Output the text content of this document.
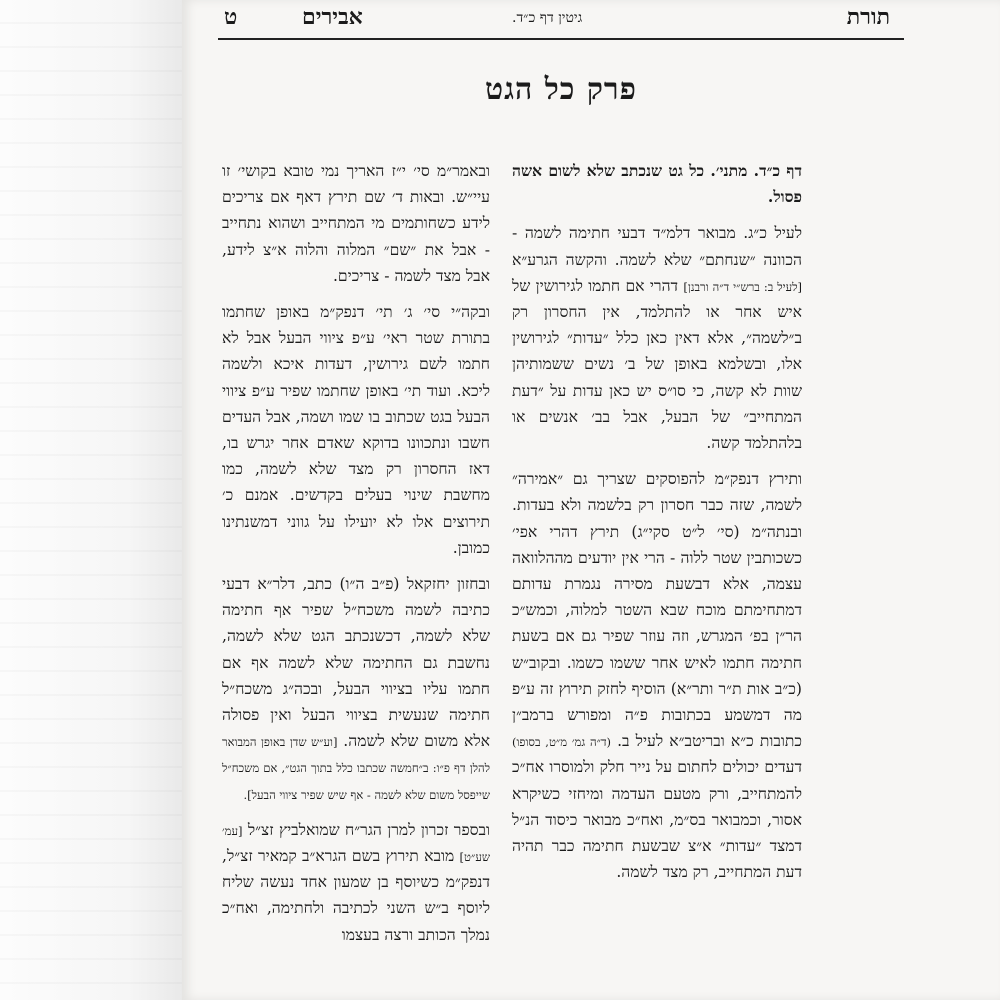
תורת
גיטין דף כ״ד.
אבירים
ט
פרק כל הגט

דף כ״ד. מתני׳. כל גט שנכתב שלא לשום אשה פסול.

לעיל כ״ג. מבואר דלמ״ד דבעי חתימה לשמה - הכוונה ״שנחתם״ שלא לשמה. והקשה הגרע״א [לעיל ב: ברש״י ד״ה ורבנן] דהרי אם חתמו לגירושין של איש אחר או להתלמד, אין החסרון רק ב״לשמה״, אלא דאין כאן כלל ״עדות״ לגירושין אלו, ובשלמא באופן של ב׳ נשים ששמותיהן שוות לא קשה, כי סו״ס יש כאן עדות על ״דעת המתחייב״ של הבעל, אבל בב׳ אנשים או בלהתלמד קשה.

ותירץ דנפק״מ להפוסקים שצריך גם ״אמירה״ לשמה, שזה כבר חסרון רק בלשמה ולא בעדות. ובנתה״מ (סי׳ ל״ט סקי״ג) תירץ דהרי אפי׳ כשכותבין שטר ללוה - הרי אין יודעים מההלוואה עצמה, אלא דבשעת מסירה נגמרת עדותם דמתחימתם מוכח שבא השטר למלוה, וכמש״כ הר״ן בפ׳ המגרש, וזה עוזר שפיר גם אם בשעת חתימה חתמו לאיש אחר ששמו כשמו. ובקוב״ש (כ״ב אות ת״ר ותר״א) הוסיף לחזק תירוץ זה ע״פ מה דמשמע בכתובות פ״ה ומפורש ברמב״ן כתובות כ״א ובריטב״א לעיל ב. (ד״ה גמ׳ מ״ט, בסופו) דעדים יכולים לחתום על נייר חלק ולמוסרו אח״כ להמתחייב, ורק מטעם העדמה ומיחזי כשיקרא אסור, וכמבואר בס״מ, ואח״כ מבואר כיסוד הנ״ל דמצד ״עדות״ א״צ שבשעת חתימה כבר תהיה דעת המתחייב, רק מצד לשמה.

ובאמר״מ סי׳ י״ז האריך נמי טובא בקושי׳ זו עיי״ש. ובאות ד׳ שם תירץ דאף אם צריכים לידע כשחותמים מי המתחייב ושהוא נתחייב - אבל את ״שם״ המלוה והלוה א״צ לידע, אבל מצד לשמה - צריכים.

ובקה״י סי׳ ג׳ תי׳ דנפק״מ באופן שחתמו בתורת שטר ראי׳ ע״פ ציווי הבעל אבל לא חתמו לשם גירושין, דעדות איכא ולשמה ליכא. ועוד תי׳ באופן שחתמו שפיר ע״פ ציווי הבעל בגט שכתוב בו שמו ושמה, אבל העדים חשבו ונתכוונו בדוקא שאדם אחר יגרש בו, דאז החסרון רק מצד שלא לשמה, כמו מחשבת שינוי בעלים בקדשים. אמנם כ׳ תירוצים אלו לא יועילו על גווני דמשנתינו כמובן.

ובחזון יחזקאל (פ״ב ה״ו) כתב, דלר״א דבעי כתיבה לשמה משכח״ל שפיר אף חתימה שלא לשמה, דכשנכתב הגט שלא לשמה, נחשבת גם החתימה שלא לשמה אף אם חתמו עליו בציווי הבעל, ובכה״ג משכח״ל חתימה שנעשית בציווי הבעל ואין פסולה אלא משום שלא לשמה. [וע״ש שדן באופן המבואר להלן דף פ״ו: ב״חמשה שכתבו כלל בתוך הגט״, אם משכח״ל שייפסל משום שלא לשמה - אף שיש שפיר ציווי הבעל].

ובספר זכרון למרן הגר״ח שמואלביץ זצ״ל [עמ׳ שע״ט] מובא תירוץ בשם הגרא״ב קמאיר זצ״ל, דנפק״מ כשיוסף בן שמעון אחד נעשה שליח ליוסף ב״ש השני לכתיבה ולחתימה, ואח״כ נמלך הכותב ורצה בעצמו
